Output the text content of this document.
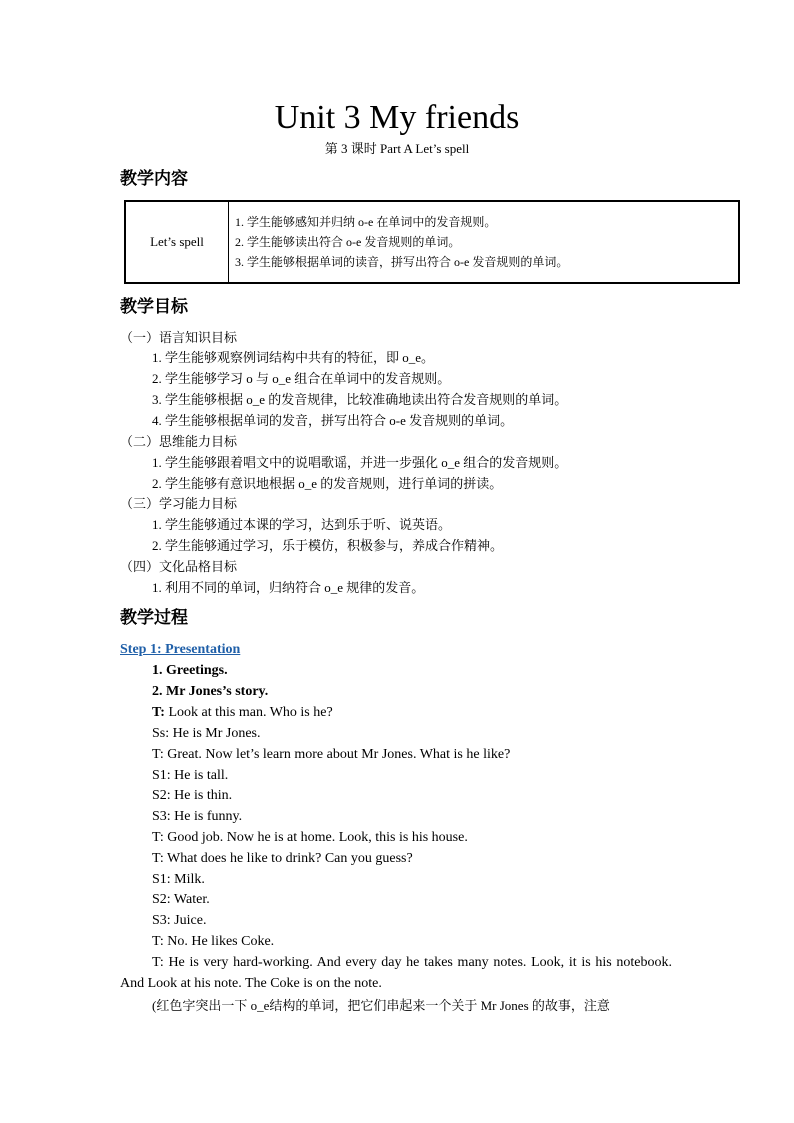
Unit 3 My friends
第 3 课时 Part A Let’s spell
教学内容
Let’s spell	
1. 学生能够感知并归纳 o-e 在单词中的发音规则。
2. 学生能够读出符合 o-e 发音规则的单词。
3. 学生能够根据单词的读音，拼写出符合 o-e 发音规则的单词。
教学目标
（一）语言知识目标
1. 学生能够观察例词结构中共有的特征，即 o_e。
2. 学生能够学习 o 与 o_e 组合在单词中的发音规则。
3. 学生能够根据 o_e 的发音规律，比较准确地读出符合发音规则的单词。
4. 学生能够根据单词的发音，拼写出符合 o-e 发音规则的单词。
（二）思维能力目标
1. 学生能够跟着唱文中的说唱歌谣，并进一步强化 o_e 组合的发音规则。
2. 学生能够有意识地根据 o_e 的发音规则，进行单词的拼读。
（三）学习能力目标
1. 学生能够通过本课的学习，达到乐于听、说英语。
2. 学生能够通过学习，乐于模仿，积极参与，养成合作精神。
（四）文化品格目标
1. 利用不同的单词，归纳符合 o_e 规律的发音。
教学过程
Step 1: Presentation
1. Greetings.
2. Mr Jones’s story.
T: Look at this man. Who is he?
Ss: He is Mr Jones.
T: Great. Now let’s learn more about Mr Jones. What is he like?
S1: He is tall.
S2: He is thin.
S3: He is funny.
T: Good job. Now he is at home. Look, this is his house.
T: What does he like to drink? Can you guess?
S1: Milk.
S2: Water.
S3: Juice.
T: No. He likes Coke.
T: He is very hard-working. And every day he takes many notes. Look, it is his notebook. And Look at his note. The Coke is on the note.
(红色字突出一下 o_e结构的单词，把它们串起来一个关于 Mr Jones 的故事，注意
